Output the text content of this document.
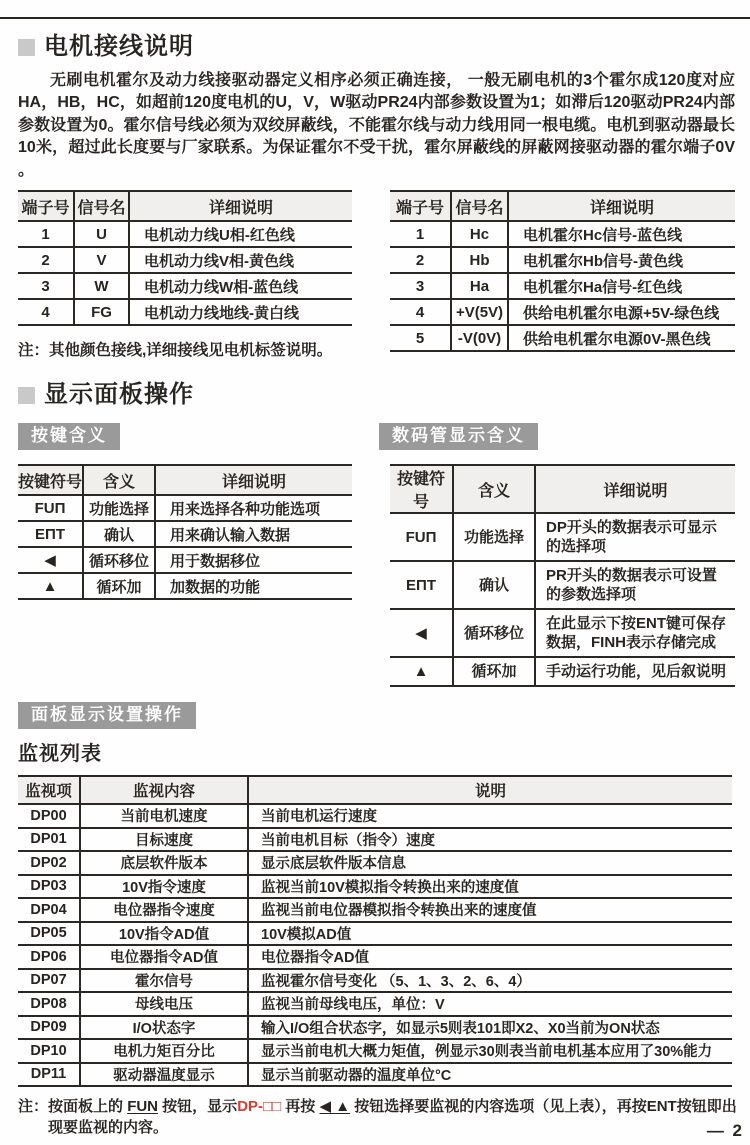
电机接线说明

无刷电机霍尔及动力线接驱动器定义相序必须正确连接， 一般无刷电机的3个霍尔成120度对应HA，HB，HC，如超前120度电机的U，V，W驱动PR24内部参数设置为1；如滞后120驱动PR24内部参数设置为0。霍尔信号线必须为双绞屏蔽线，不能霍尔线与动力线用同一根电缆。电机到驱动器最长10米，超过此长度要与厂家联系。为保证霍尔不受干扰，霍尔屏蔽线的屏蔽网接驱动器的霍尔端子0V 。

端子号	信号名	详细说明
1	U	电机动力线U相-红色线
2	V	电机动力线V相-黄色线
3	W	电机动力线W相-蓝色线
4	FG	电机动力线地线-黄白线

注：其他颜色接线,详细接线见电机标签说明。

端子号	信号名	详细说明
1	Hc	电机霍尔Hc信号-蓝色线
2	Hb	电机霍尔Hb信号-黄色线
3	Ha	电机霍尔Ha信号-红色线
4	+V(5V)	供给电机霍尔电源+5V-绿色线
5	-V(0V)	供给电机霍尔电源0V-黑色线
显示面板操作
按键含义	数码管显示含义
按键符号	含义	详细说明
FUΠ	功能选择	用来选择各种功能选项
EΠT	确认	用来确认输入数据
◀	循环移位	用于数据移位
▲	循环加	加数据的功能
按键符号	含义	详细说明
FUΠ	功能选择	DP开头的数据表示可显示的选择项
EΠT	确认	PR开头的数据表示可设置的参数选择项
◀	循环移位	在此显示下按ENT键可保存数据，FINH表示存储完成
▲	循环加	手动运行功能，见后叙说明
面板显示设置操作
监视列表
监视项	监视内容	说明
DP00	当前电机速度	当前电机运行速度
DP01	目标速度	当前电机目标（指令）速度
DP02	底层软件版本	显示底层软件版本信息
DP03	10V指令速度	监视当前10V模拟指令转换出来的速度值
DP04	电位器指令速度	监视当前电位器模拟指令转换出来的速度值
DP05	10V指令AD值	10V模拟AD值
DP06	电位器指令AD值	电位器指令AD值
DP07	霍尔信号	监视霍尔信号变化 （5、1、3、2、6、4）
DP08	母线电压	监视当前母线电压，单位：V
DP09	I/O状态字	输入I/O组合状态字，如显示5则表101即X2、X0当前为ON状态
DP10	电机力矩百分比	显示当前电机大概力矩值，例显示30则表当前电机基本应用了30%能力
DP11	驱动器温度显示	显示当前驱动器的温度单位°C
注： 按面板上的 FUN 按钮，显示DP-□□ 再按 ◀ ▲ 按钮选择要监视的内容选项（见上表），再按ENT按钮即出现要监视的内容。	— 2
